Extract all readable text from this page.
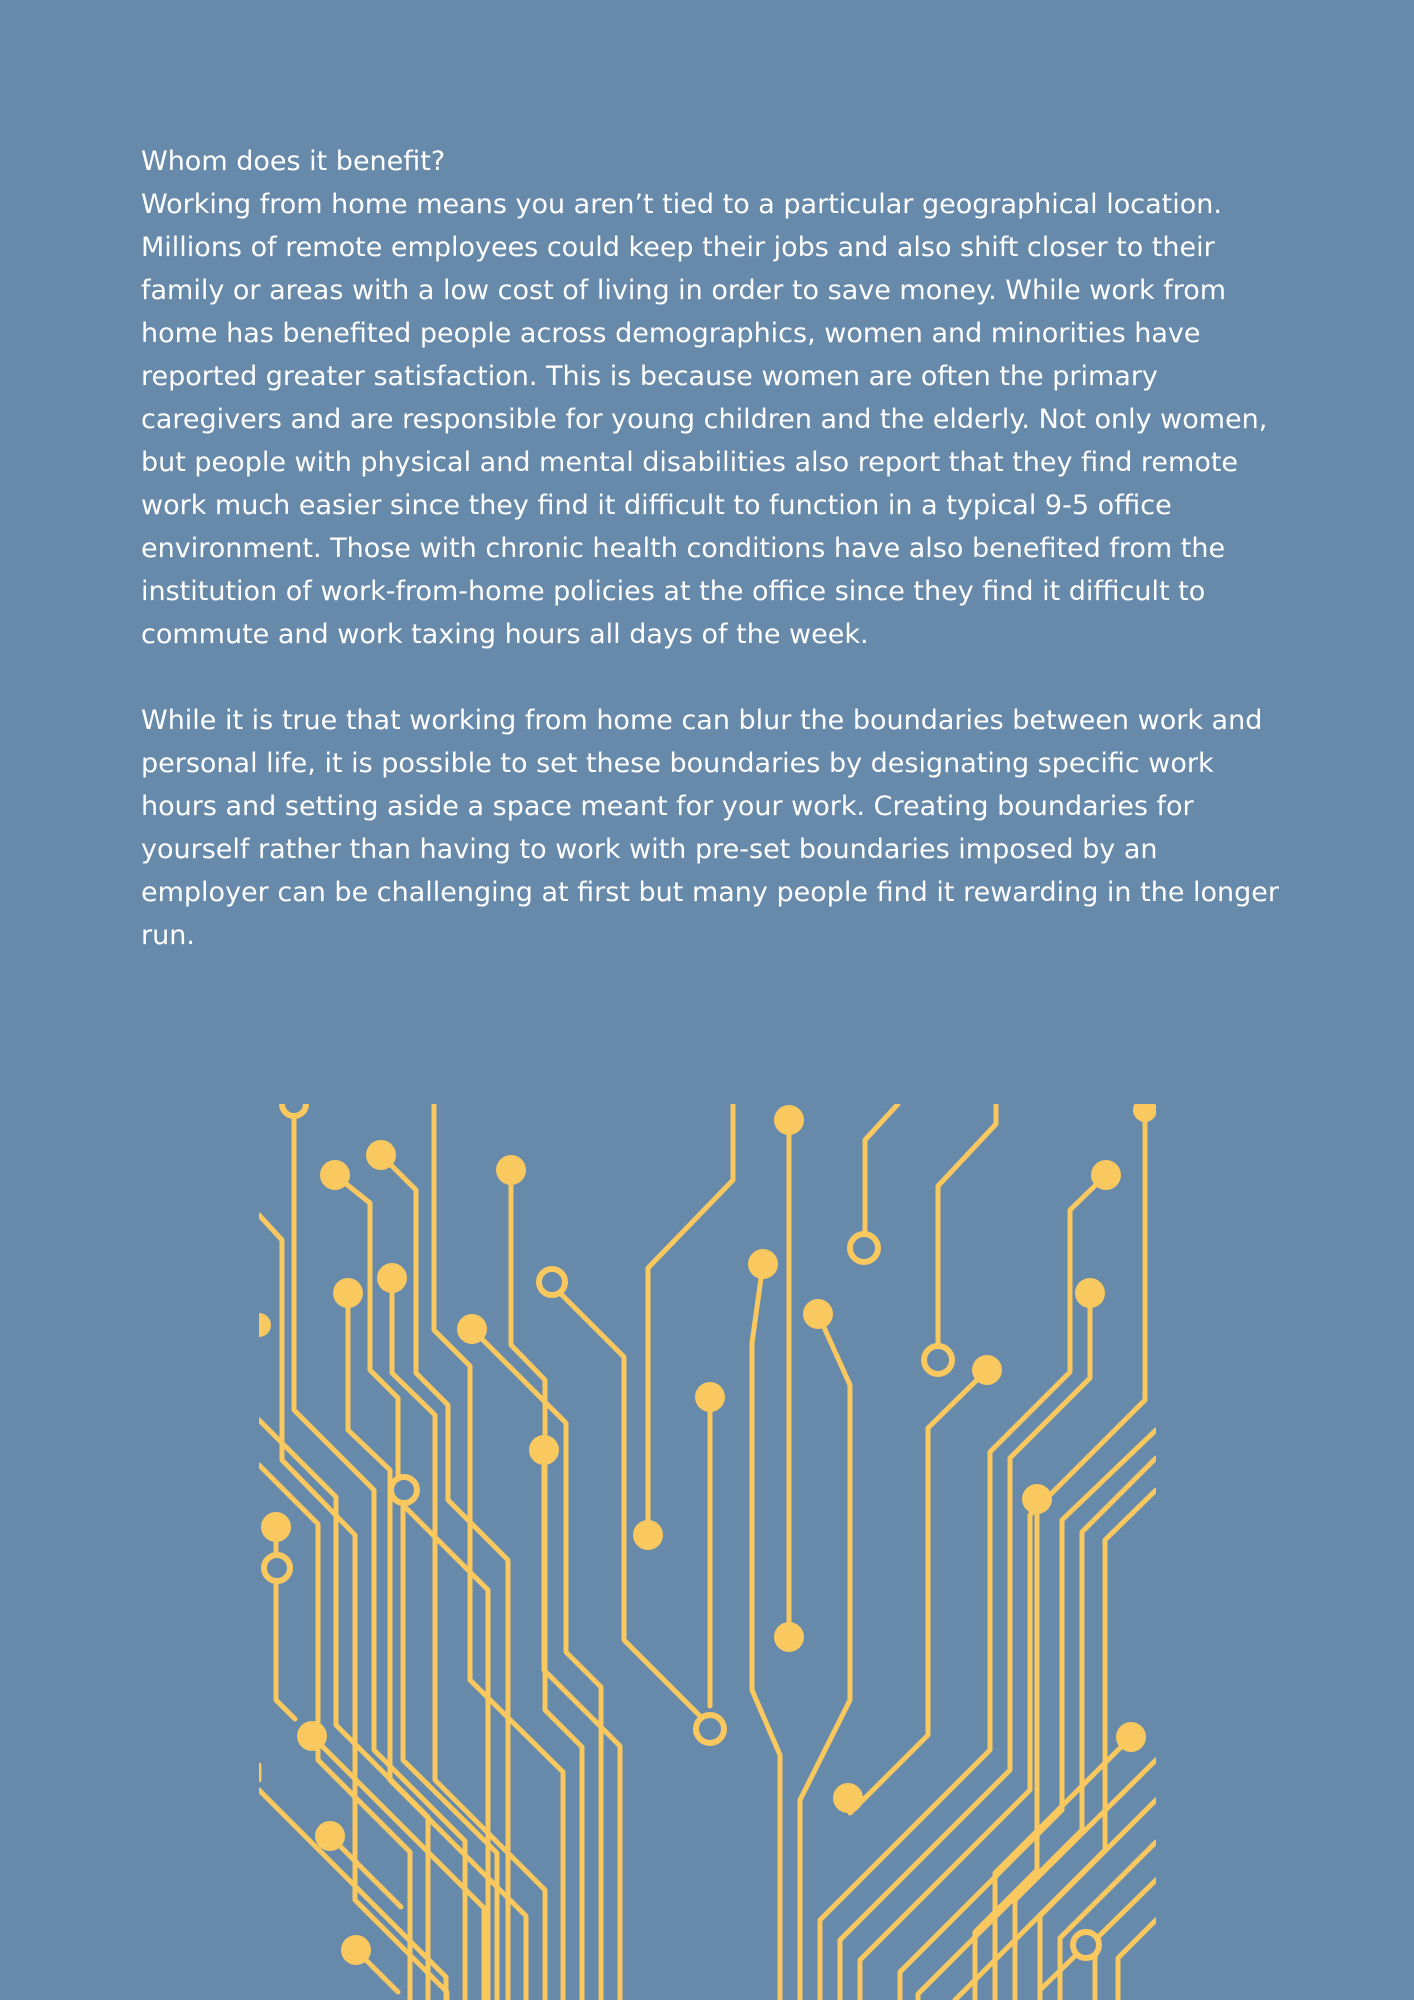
Whom does it benefit?

Working from home means you aren’t tied to a particular geographical location. Millions of remote employees could keep their jobs and also shift closer to their family or areas with a low cost of living in order to save money. While work from home has benefited people across demographics, women and minorities have reported greater satisfaction. This is because women are often the primary caregivers and are responsible for young children and the elderly. Not only women, but people with physical and mental disabilities also report that they find remote work much easier since they find it difficult to function in a typical 9-5 office environment. Those with chronic health conditions have also benefited from the institution of work-from-home policies at the office since they find it difficult to commute and work taxing hours all days of the week.

While it is true that working from home can blur the boundaries between work and personal life, it is possible to set these boundaries by designating specific work hours and setting aside a space meant for your work. Creating boundaries for yourself rather than having to work with pre-set boundaries imposed by an employer can be challenging at first but many people find it rewarding in the longer run.
